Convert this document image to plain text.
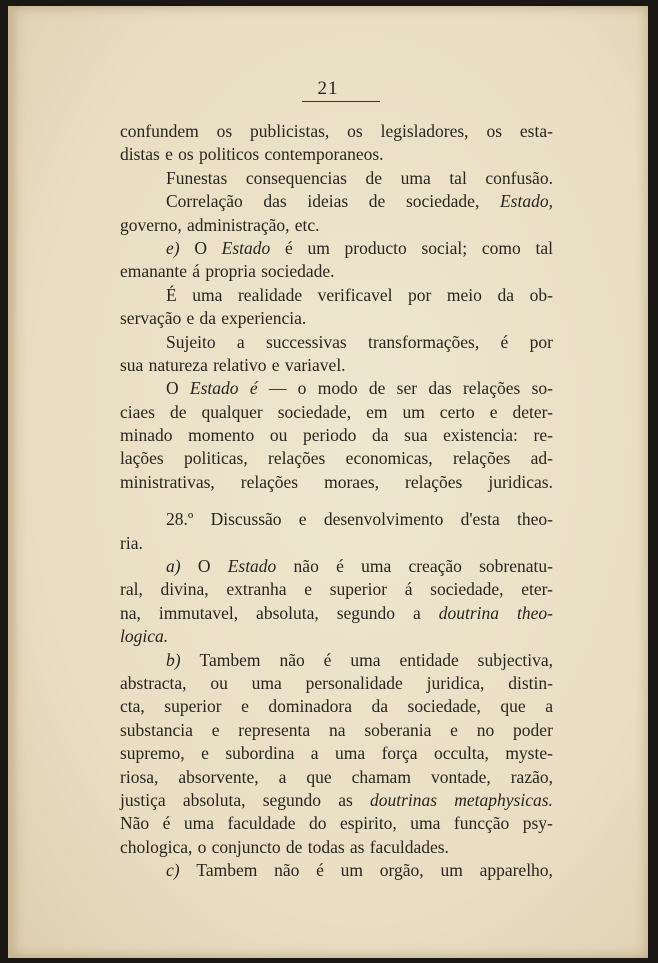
21
confundem os publicistas, os legisladores, os esta-
distas e os politicos contemporaneos.
Funestas consequencias de uma tal confusão.
Correlação das ideias de sociedade, Estado,
governo, administração, etc.
e) O Estado é um producto social; como tal
emanante á propria sociedade.
É uma realidade verificavel por meio da ob-
servação e da experiencia.
Sujeito a successivas transformações, é por
sua natureza relativo e variavel.
O Estado é — o modo de ser das relações so-
ciaes de qualquer sociedade, em um certo e deter-
minado momento ou periodo da sua existencia: re-
lações politicas, relações economicas, relações ad-
ministrativas, relações moraes, relações juridicas.
28.º Discussão e desenvolvimento d'esta theo-
ria.
a) O Estado não é uma creação sobrenatu-
ral, divina, extranha e superior á sociedade, eter-
na, immutavel, absoluta, segundo a doutrina theo-
logica.
b) Tambem não é uma entidade subjectiva,
abstracta, ou uma personalidade juridica, distin-
cta, superior e dominadora da sociedade, que a
substancia e representa na soberania e no poder
supremo, e subordina a uma força occulta, myste-
riosa, absorvente, a que chamam vontade, razão,
justiça absoluta, segundo as doutrinas metaphysicas.
Não é uma faculdade do espirito, uma funcção psy-
chologica, o conjuncto de todas as faculdades.
c) Tambem não é um orgão, um apparelho,
